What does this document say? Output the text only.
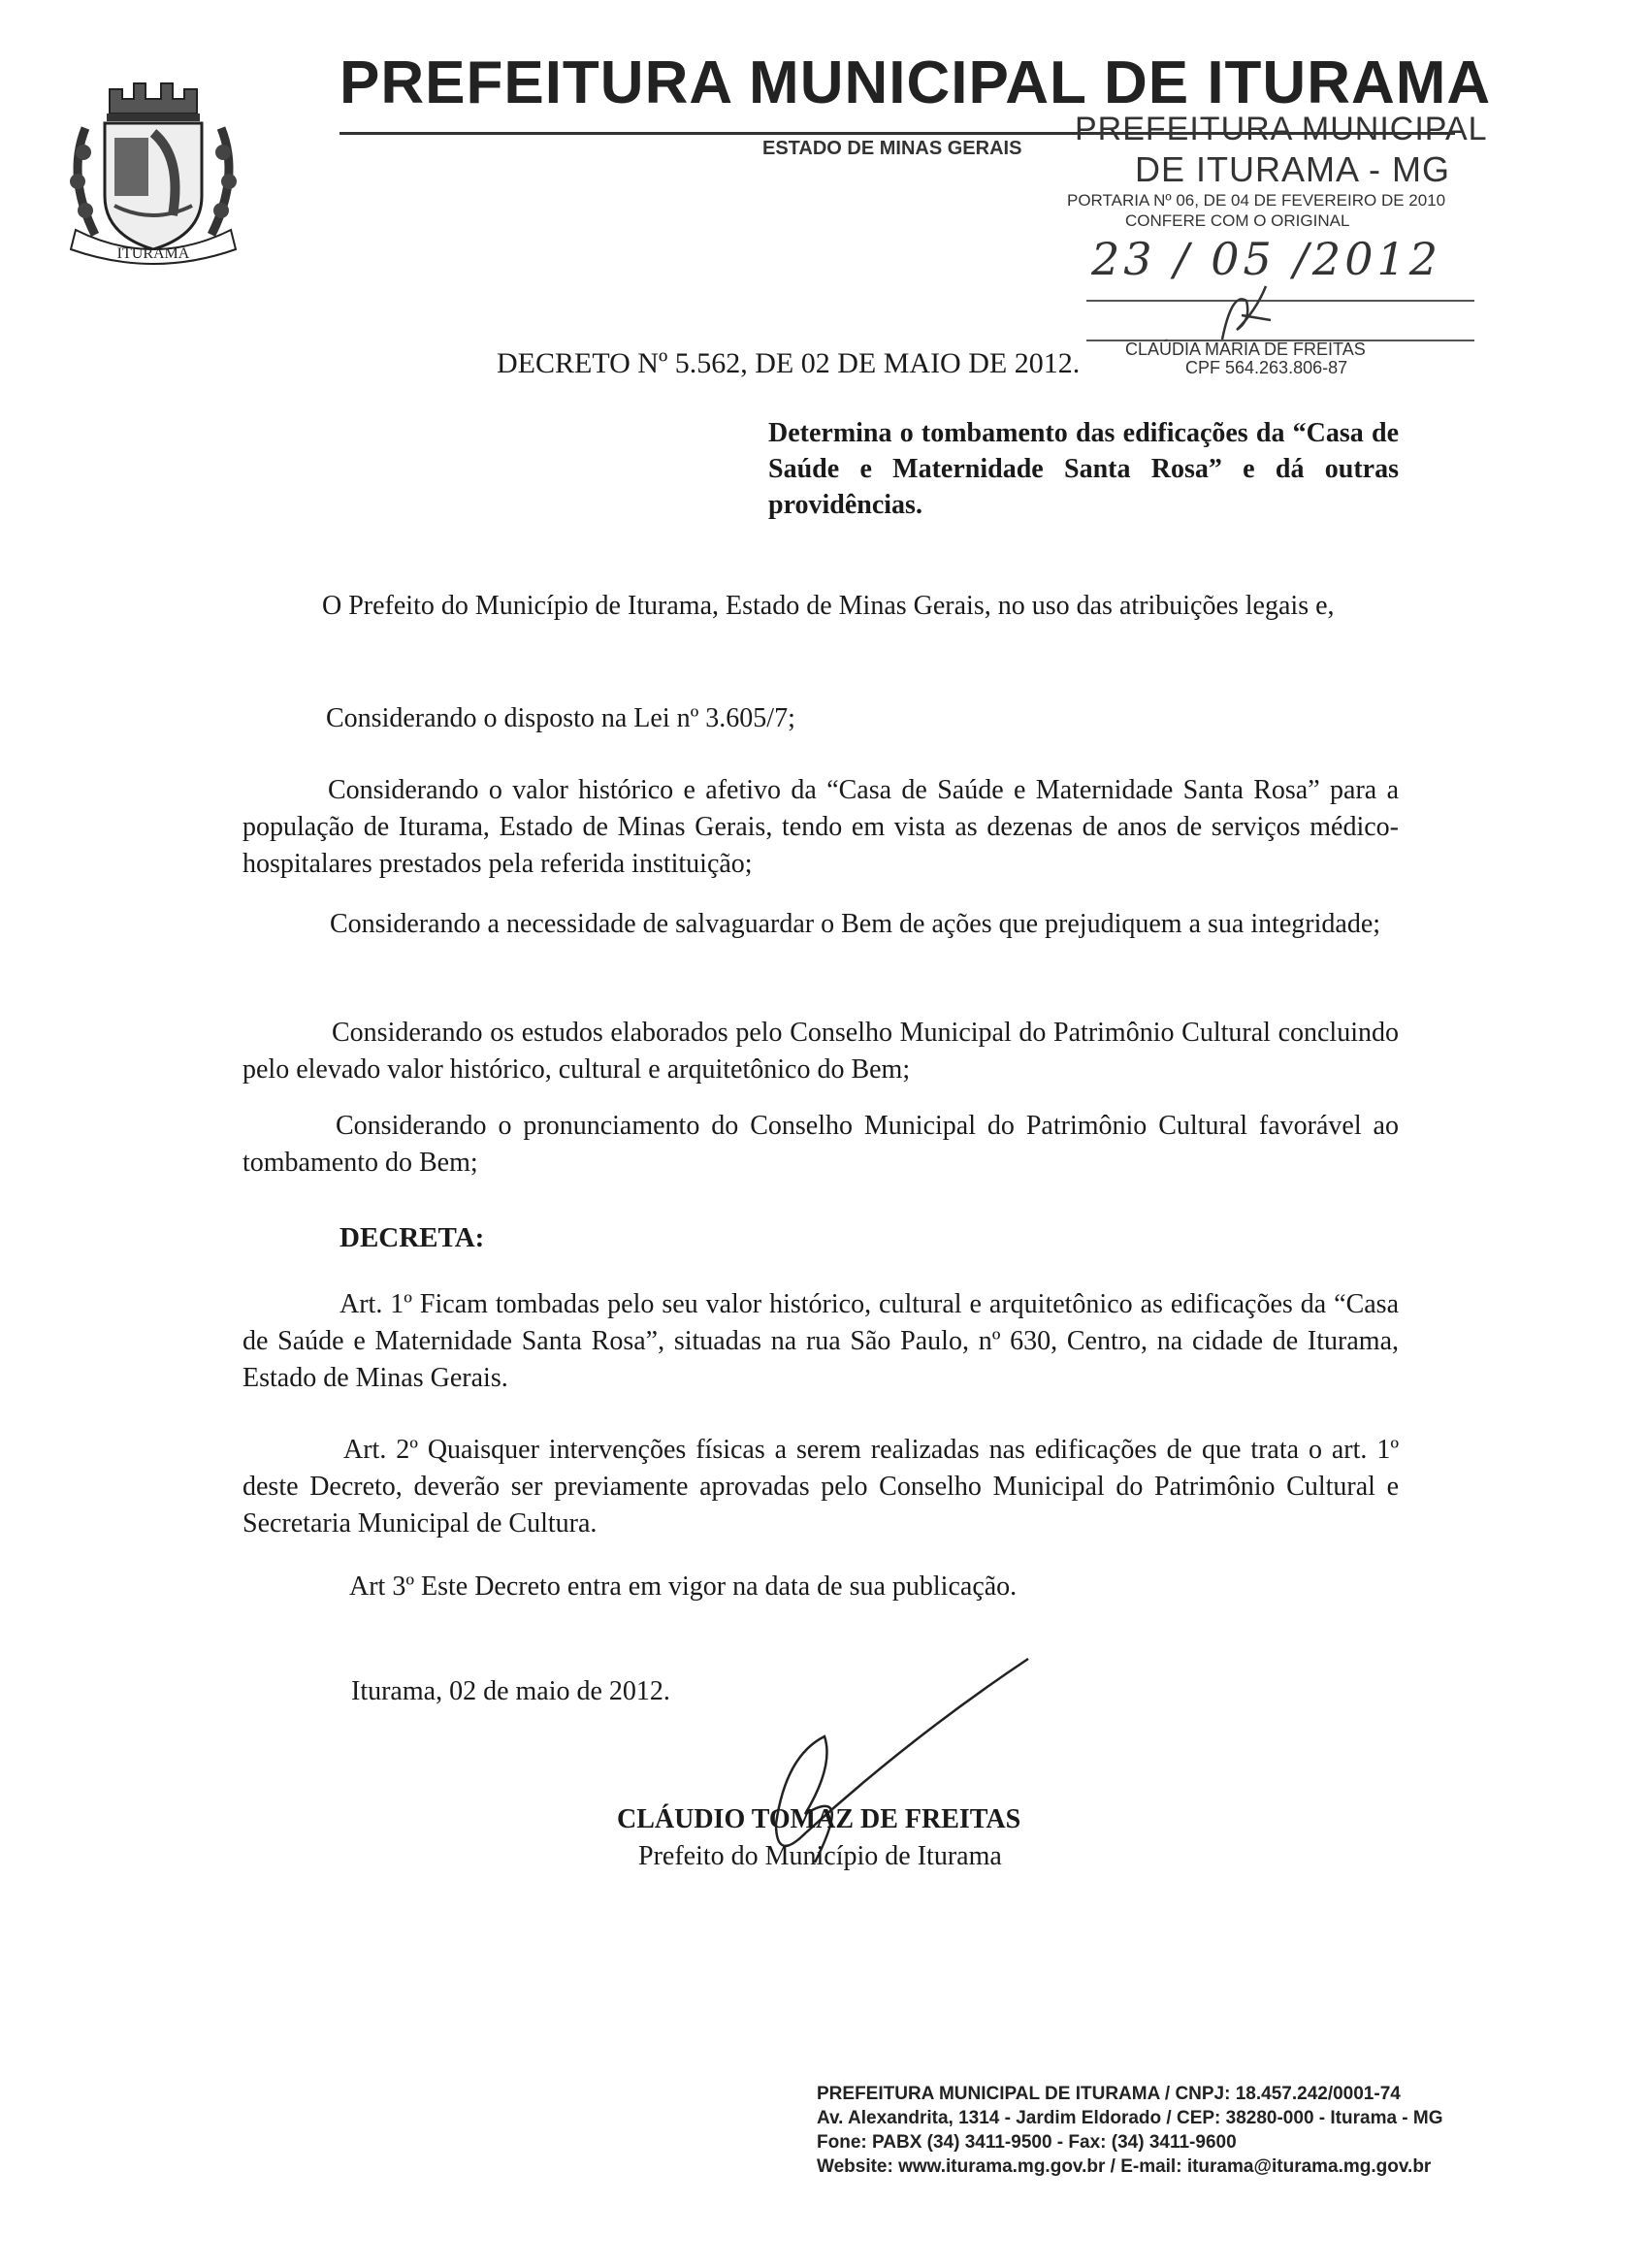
ITURAMA
PREFEITURA MUNICIPAL DE ITURAMA
ESTADO DE MINAS GERAIS
PREFEITURA MUNICIPAL
DE ITURAMA - MG
PORTARIA Nº 06, DE 04 DE FEVEREIRO DE 2010
CONFERE COM O ORIGINAL
23 / 05 /2012
CLAÚDIA MARIA DE FREITAS
CPF 564.263.806-87
DECRETO Nº 5.562, DE 02 DE MAIO DE 2012.
Determina o tombamento das edificações da “Casa de Saúde e Maternidade Santa Rosa” e dá outras providências.
O Prefeito do Município de Iturama, Estado de Minas Gerais, no uso das atribuições legais e,
Considerando o disposto na Lei nº 3.605/7;
Considerando o valor histórico e afetivo da “Casa de Saúde e Maternidade Santa Rosa” para a população de Iturama, Estado de Minas Gerais, tendo em vista as dezenas de anos de serviços médico-hospitalares prestados pela referida instituição;
Considerando a necessidade de salvaguardar o Bem de ações que prejudiquem a sua integridade;
Considerando os estudos elaborados pelo Conselho Municipal do Patrimônio Cultural concluindo pelo elevado valor histórico, cultural e arquitetônico do Bem;
Considerando o pronunciamento do Conselho Municipal do Patrimônio Cultural favorável ao tombamento do Bem;
DECRETA:
Art. 1º Ficam tombadas pelo seu valor histórico, cultural e arquitetônico as edificações da “Casa de Saúde e Maternidade Santa Rosa”, situadas na rua São Paulo, nº 630, Centro, na cidade de Iturama, Estado de Minas Gerais.
Art. 2º Quaisquer intervenções físicas a serem realizadas nas edificações de que trata o art. 1º deste Decreto, deverão ser previamente aprovadas pelo Conselho Municipal do Patrimônio Cultural e Secretaria Municipal de Cultura.
Art 3º Este Decreto entra em vigor na data de sua publicação.
Iturama, 02 de maio de 2012.
CLÁUDIO TOMAZ DE FREITAS
Prefeito do Município de Iturama
PREFEITURA MUNICIPAL DE ITURAMA / CNPJ: 18.457.242/0001-74
Av. Alexandrita, 1314 - Jardim Eldorado / CEP: 38280-000 - Iturama - MG
Fone: PABX (34) 3411-9500 - Fax: (34) 3411-9600
Website: www.iturama.mg.gov.br / E-mail: iturama@iturama.mg.gov.br
